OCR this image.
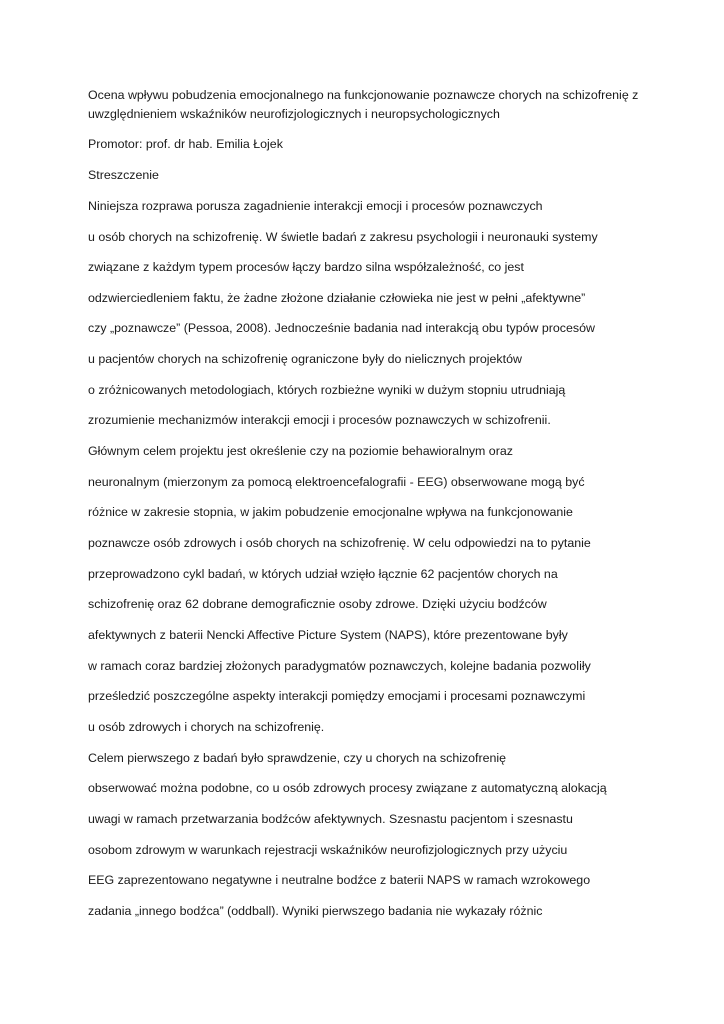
Ocena wpływu pobudzenia emocjonalnego na funkcjonowanie poznawcze chorych na schizofrenię z
uwzględnieniem wskaźników neurofizjologicznych i neuropsychologicznych
Promotor: prof. dr hab. Emilia Łojek
Streszczenie
Niniejsza rozprawa porusza zagadnienie interakcji emocji i procesów poznawczych
u osób chorych na schizofrenię. W świetle badań z zakresu psychologii i neuronauki systemy
związane z każdym typem procesów łączy bardzo silna współzależność, co jest
odzwierciedleniem faktu, że żadne złożone działanie człowieka nie jest w pełni „afektywne”
czy „poznawcze” (Pessoa, 2008). Jednocześnie badania nad interakcją obu typów procesów
u pacjentów chorych na schizofrenię ograniczone były do nielicznych projektów
o zróżnicowanych metodologiach, których rozbieżne wyniki w dużym stopniu utrudniają
zrozumienie mechanizmów interakcji emocji i procesów poznawczych w schizofrenii.
Głównym celem projektu jest określenie czy na poziomie behawioralnym oraz
neuronalnym (mierzonym za pomocą elektroencefalografii - EEG) obserwowane mogą być
różnice w zakresie stopnia, w jakim pobudzenie emocjonalne wpływa na funkcjonowanie
poznawcze osób zdrowych i osób chorych na schizofrenię. W celu odpowiedzi na to pytanie
przeprowadzono cykl badań, w których udział wzięło łącznie 62 pacjentów chorych na
schizofrenię oraz 62 dobrane demograficznie osoby zdrowe. Dzięki użyciu bodźców
afektywnych z baterii Nencki Affective Picture System (NAPS), które prezentowane były
w ramach coraz bardziej złożonych paradygmatów poznawczych, kolejne badania pozwoliły
prześledzić poszczególne aspekty interakcji pomiędzy emocjami i procesami poznawczymi
u osób zdrowych i chorych na schizofrenię.
Celem pierwszego z badań było sprawdzenie, czy u chorych na schizofrenię
obserwować można podobne, co u osób zdrowych procesy związane z automatyczną alokacją
uwagi w ramach przetwarzania bodźców afektywnych. Szesnastu pacjentom i szesnastu
osobom zdrowym w warunkach rejestracji wskaźników neurofizjologicznych przy użyciu
EEG zaprezentowano negatywne i neutralne bodźce z baterii NAPS w ramach wzrokowego
zadania „innego bodźca” (oddball). Wyniki pierwszego badania nie wykazały różnic
